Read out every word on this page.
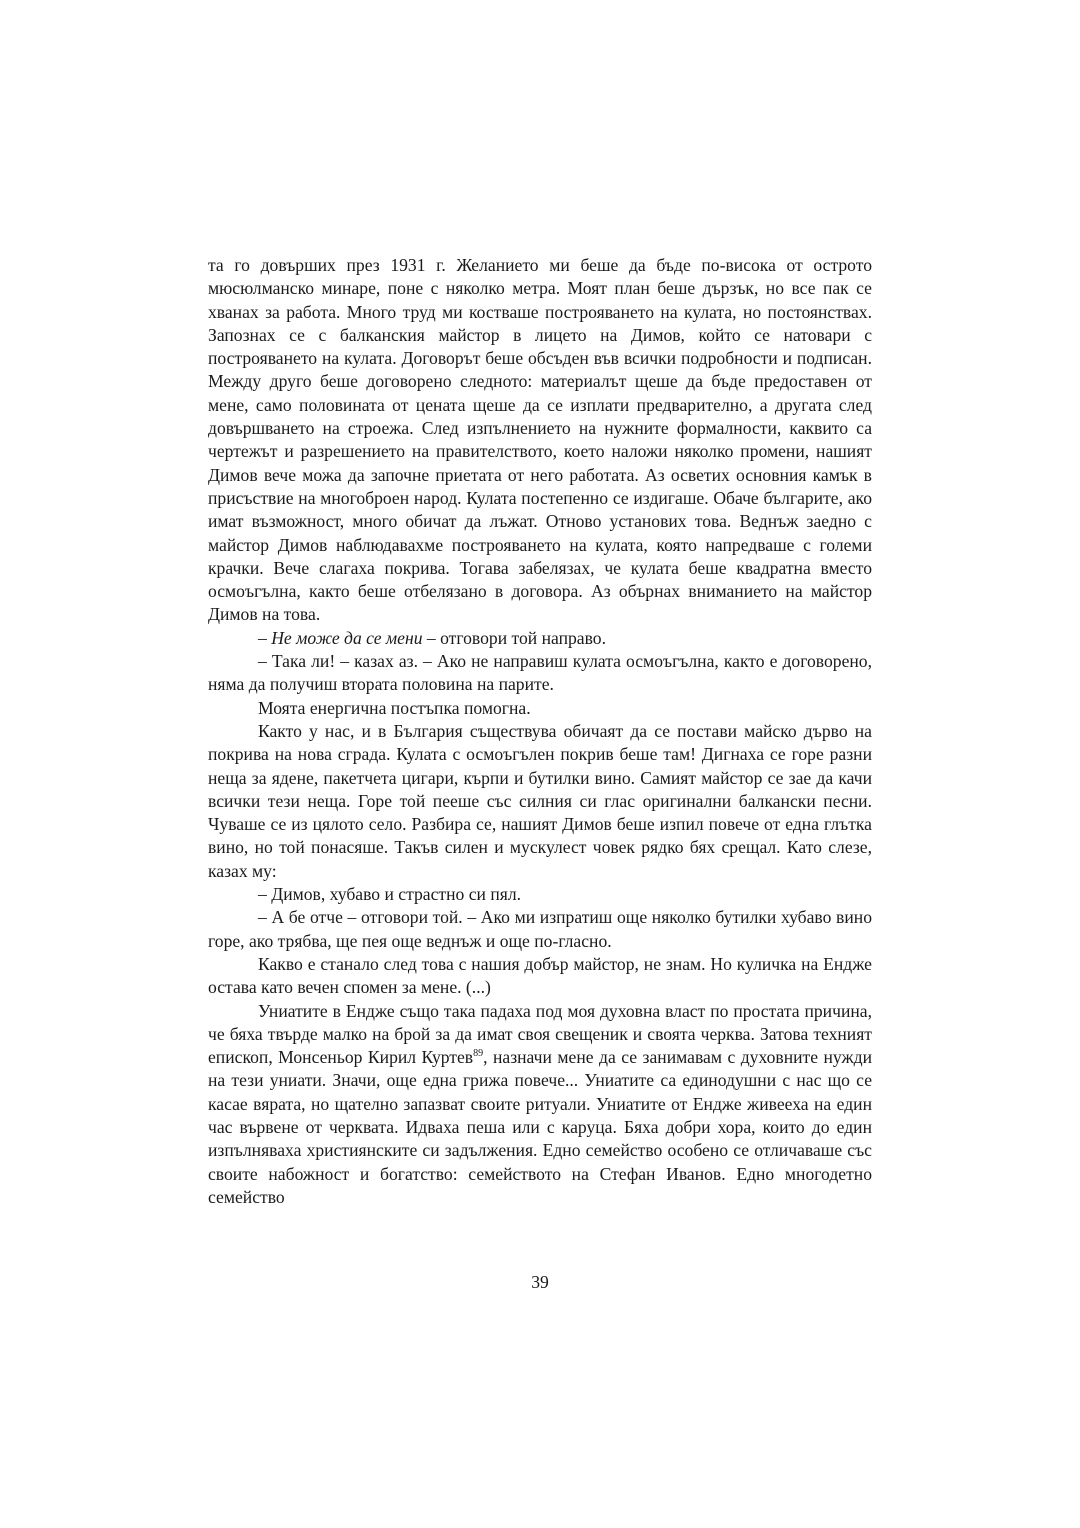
та го довърших през 1931 г. Желанието ми беше да бъде по-висока от острото мюсюлманско минаре, поне с няколко метра. Моят план беше дързък, но все пак се хванах за работа. Много труд ми костваше построяването на кулата, но постоянствах. Запознах се с балканския майстор в лицето на Димов, който се натовари с построяването на кулата. Договорът беше обсъден във всички подробности и подписан. Между друго беше договорено следното: материалът щеше да бъде предоставен от мене, само половината от цената щеше да се изплати предварително, а другата след довършването на строежа. След изпълнението на нужните формалности, каквито са чертежът и разрешението на правителството, което наложи няколко промени, нашият Димов вече можа да започне приетата от него работата. Аз осветих основния камък в присъствие на многоброен народ. Кулата постепенно се издигаше. Обаче българите, ако имат възможност, много обичат да лъжат. Отново установих това. Веднъж заедно с майстор Димов наблюдавахме построяването на кулата, която напредваше с големи крачки. Вече слагаха покрива. Тогава забелязах, че кулата беше квадратна вместо осмоъгълна, както беше отбелязано в договора. Аз обърнах вниманието на майстор Димов на това.

– Не може да се мени – отговори той направо.

– Така ли! – казах аз. – Ако не направиш кулата осмоъгълна, както е договорено, няма да получиш втората половина на парите.

Моята енергична постъпка помогна.

Както у нас, и в България съществува обичаят да се постави майско дърво на покрива на нова сграда. Кулата с осмоъгълен покрив беше там! Дигнаха се горе разни неща за ядене, пакетчета цигари, кърпи и бутилки вино. Самият майстор се зае да качи всички тези неща. Горе той пееше със силния си глас оригинални балкански песни. Чуваше се из цялото село. Разбира се, нашият Димов беше изпил повече от една глътка вино, но той понасяше. Такъв силен и мускулест човек рядко бях срещал. Като слезе, казах му:

– Димов, хубаво и страстно си пял.

– А бе отче – отговори той. – Ако ми изпратиш още няколко бутилки хубаво вино горе, ако трябва, ще пея още веднъж и още по-гласно.

Какво е станало след това с нашия добър майстор, не знам. Но куличка на Ендже остава като вечен спомен за мене. (...)

Униатите в Ендже също така падаха под моя духовна власт по простата причина, че бяха твърде малко на брой за да имат своя свещеник и своята черква. Затова техният епископ, Монсеньор Кирил Куртев$^{89}$, назначи мене да се занимавам с духовните нужди на тези униати. Значи, още една грижа повече... Униатите са единодушни с нас що се касае вярата, но щателно запазват своите ритуали. Униатите от Ендже живееха на един час вървене от черквата. Идваха пеша или с каруца. Бяха добри хора, които до един изпълняваха християнските си задължения. Едно семейство особено се отличаваше със своите набожност и богатство: семейството на Стефан Иванов. Едно многодетно семейство

39
